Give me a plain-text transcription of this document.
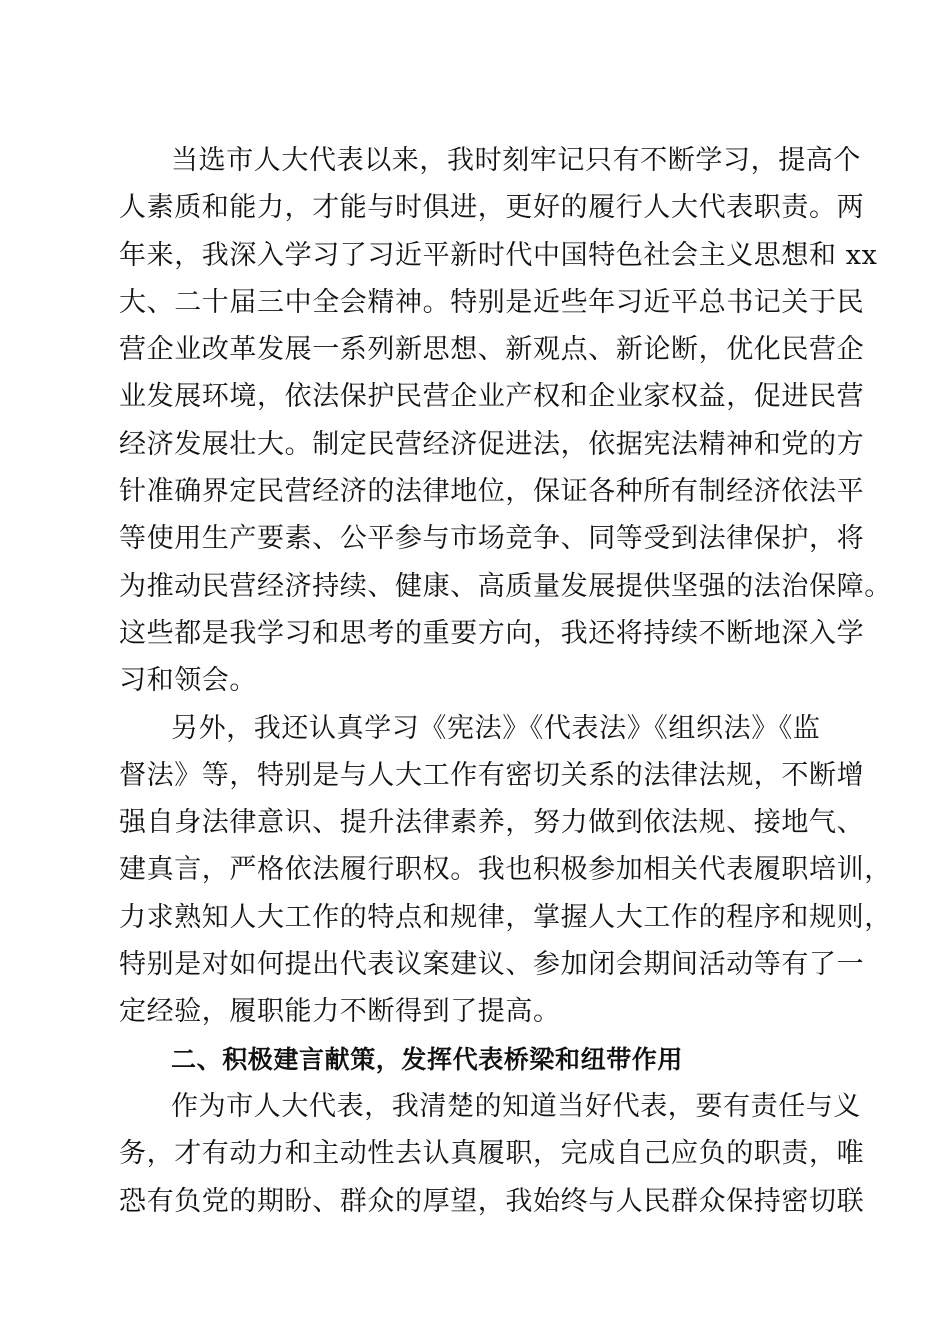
当选市人大代表以来，我时刻牢记只有不断学习，提高个
人素质和能力，才能与时俱进，更好的履行人大代表职责。两
年来，我深入学习了习近平新时代中国特色社会主义思想和 xx
大、二十届三中全会精神。特别是近些年习近平总书记关于民
营企业改革发展一系列新思想、新观点、新论断，优化民营企
业发展环境，依法保护民营企业产权和企业家权益，促进民营
经济发展壮大。制定民营经济促进法，依据宪法精神和党的方
针准确界定民营经济的法律地位，保证各种所有制经济依法平
等使用生产要素、公平参与市场竞争、同等受到法律保护，将
为推动民营经济持续、健康、高质量发展提供坚强的法治保障。
这些都是我学习和思考的重要方向，我还将持续不断地深入学
习和领会。
另外，我还认真学习《宪法》《代表法》《组织法》《监
督法》等，特别是与人大工作有密切关系的法律法规，不断增
强自身法律意识、提升法律素养，努力做到依法规、接地气、
建真言，严格依法履行职权。我也积极参加相关代表履职培训，
力求熟知人大工作的特点和规律，掌握人大工作的程序和规则，
特别是对如何提出代表议案建议、参加闭会期间活动等有了一
定经验，履职能力不断得到了提高。
二、积极建言献策，发挥代表桥梁和纽带作用
作为市人大代表，我清楚的知道当好代表，要有责任与义
务，才有动力和主动性去认真履职，完成自己应负的职责，唯
恐有负党的期盼、群众的厚望，我始终与人民群众保持密切联
